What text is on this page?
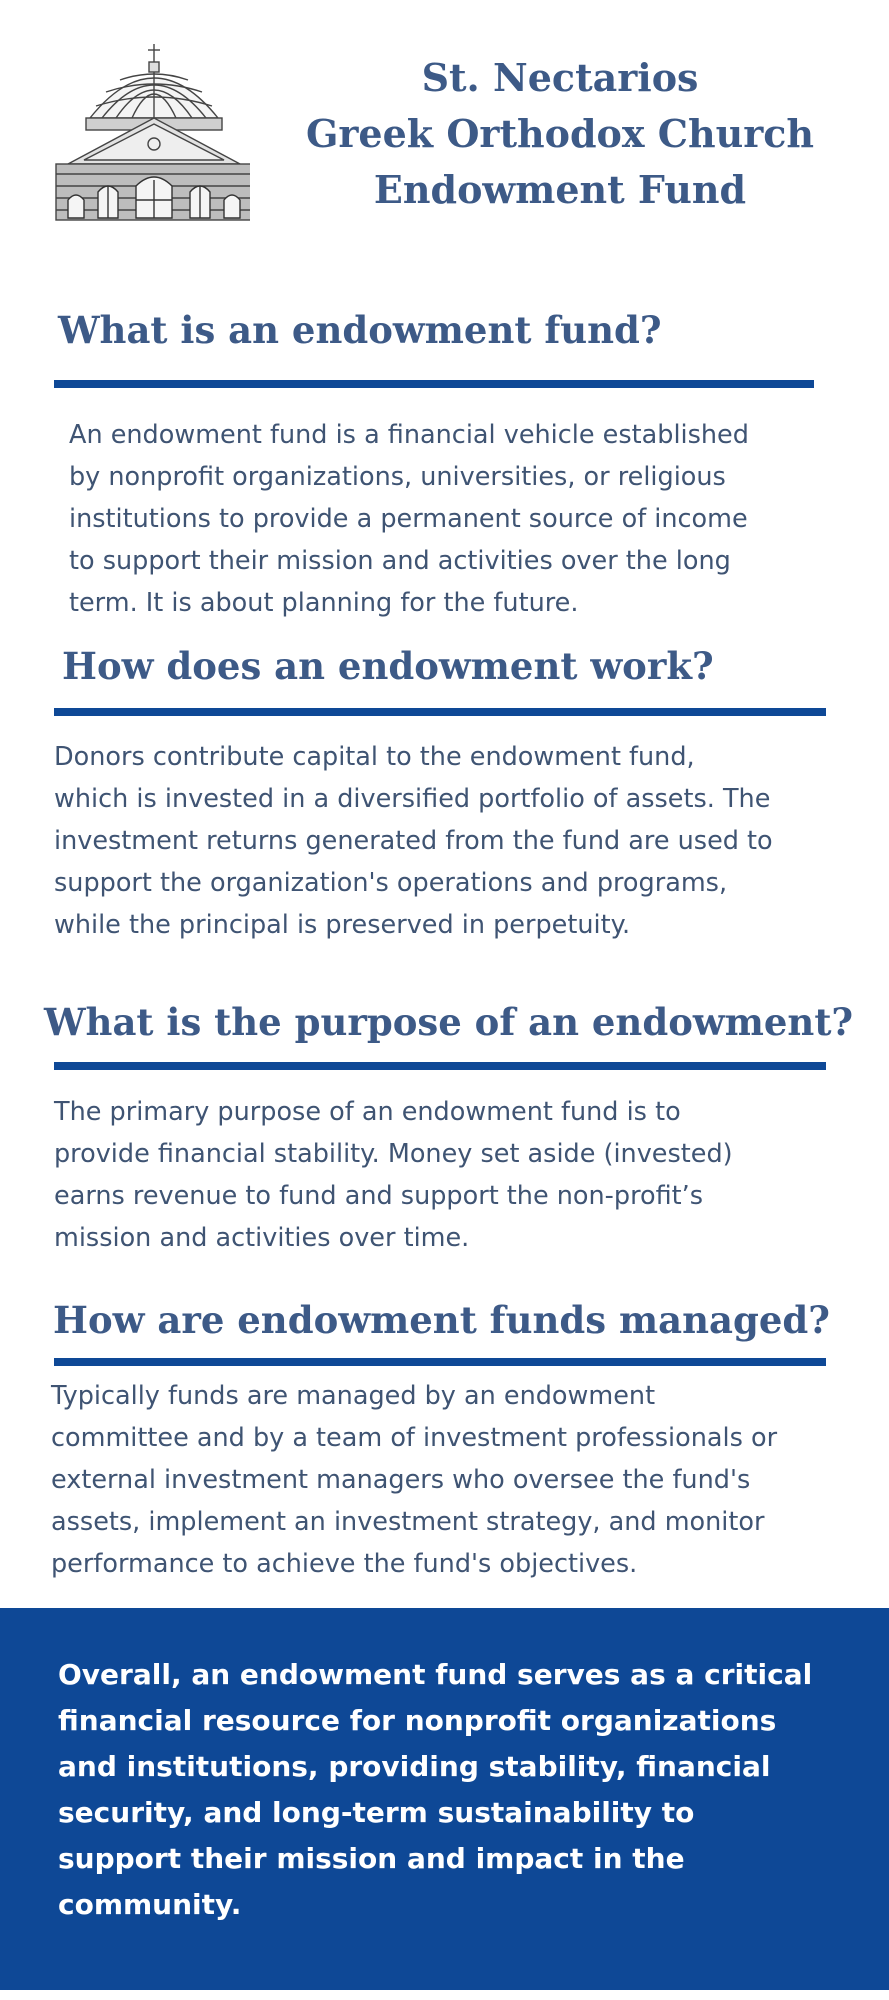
St. Nectarios
Greek Orthodox Church
Endowment Fund
What is an endowment fund?
An endowment fund is a financial vehicle established
by nonprofit organizations, universities, or religious
institutions to provide a permanent source of income
to support their mission and activities over the long
term. It is about planning for the future.
How does an endowment work?
Donors contribute capital to the endowment fund,
which is invested in a diversified portfolio of assets. The
investment returns generated from the fund are used to
support the organization's operations and programs,
while the principal is preserved in perpetuity.
What is the purpose of an endowment?
The primary purpose of an endowment fund is to
provide financial stability. Money set aside (invested)
earns revenue to fund and support the non-profit’s
mission and activities over time.
How are endowment funds managed?
Typically funds are managed by an endowment
committee and by a team of investment professionals or
external investment managers who oversee the fund's
assets, implement an investment strategy, and monitor
performance to achieve the fund's objectives.
Overall, an endowment fund serves as a critical
financial resource for nonprofit organizations
and institutions, providing stability, financial
security, and long-term sustainability to
support their mission and impact in the
community.
